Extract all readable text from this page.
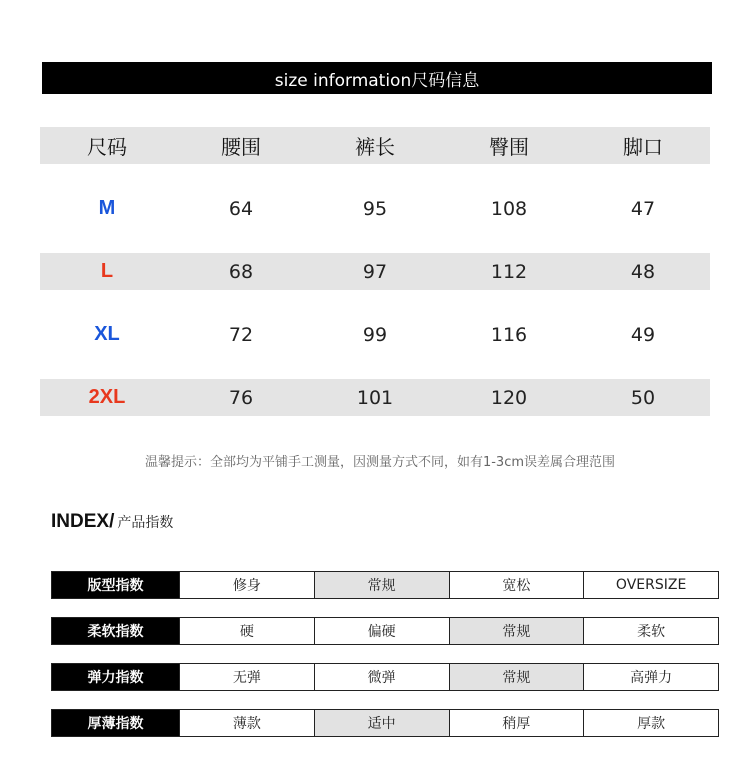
size information尺码信息
尺码	腰围	裤长	臀围	脚口
M	64	95	108	47
L	68	97	112	48
XL	72	99	116	49
2XL	76	101	120	50
温馨提示：全部均为平铺手工测量，因测量方式不同，如有1-3cm误差属合理范围
INDEX/ 产品指数
版型指数	修身	常规	宽松	OVERSIZE
柔软指数	硬	偏硬	常规	柔软
弹力指数	无弹	微弹	常规	高弹力
厚薄指数	薄款	适中	稍厚	厚款
